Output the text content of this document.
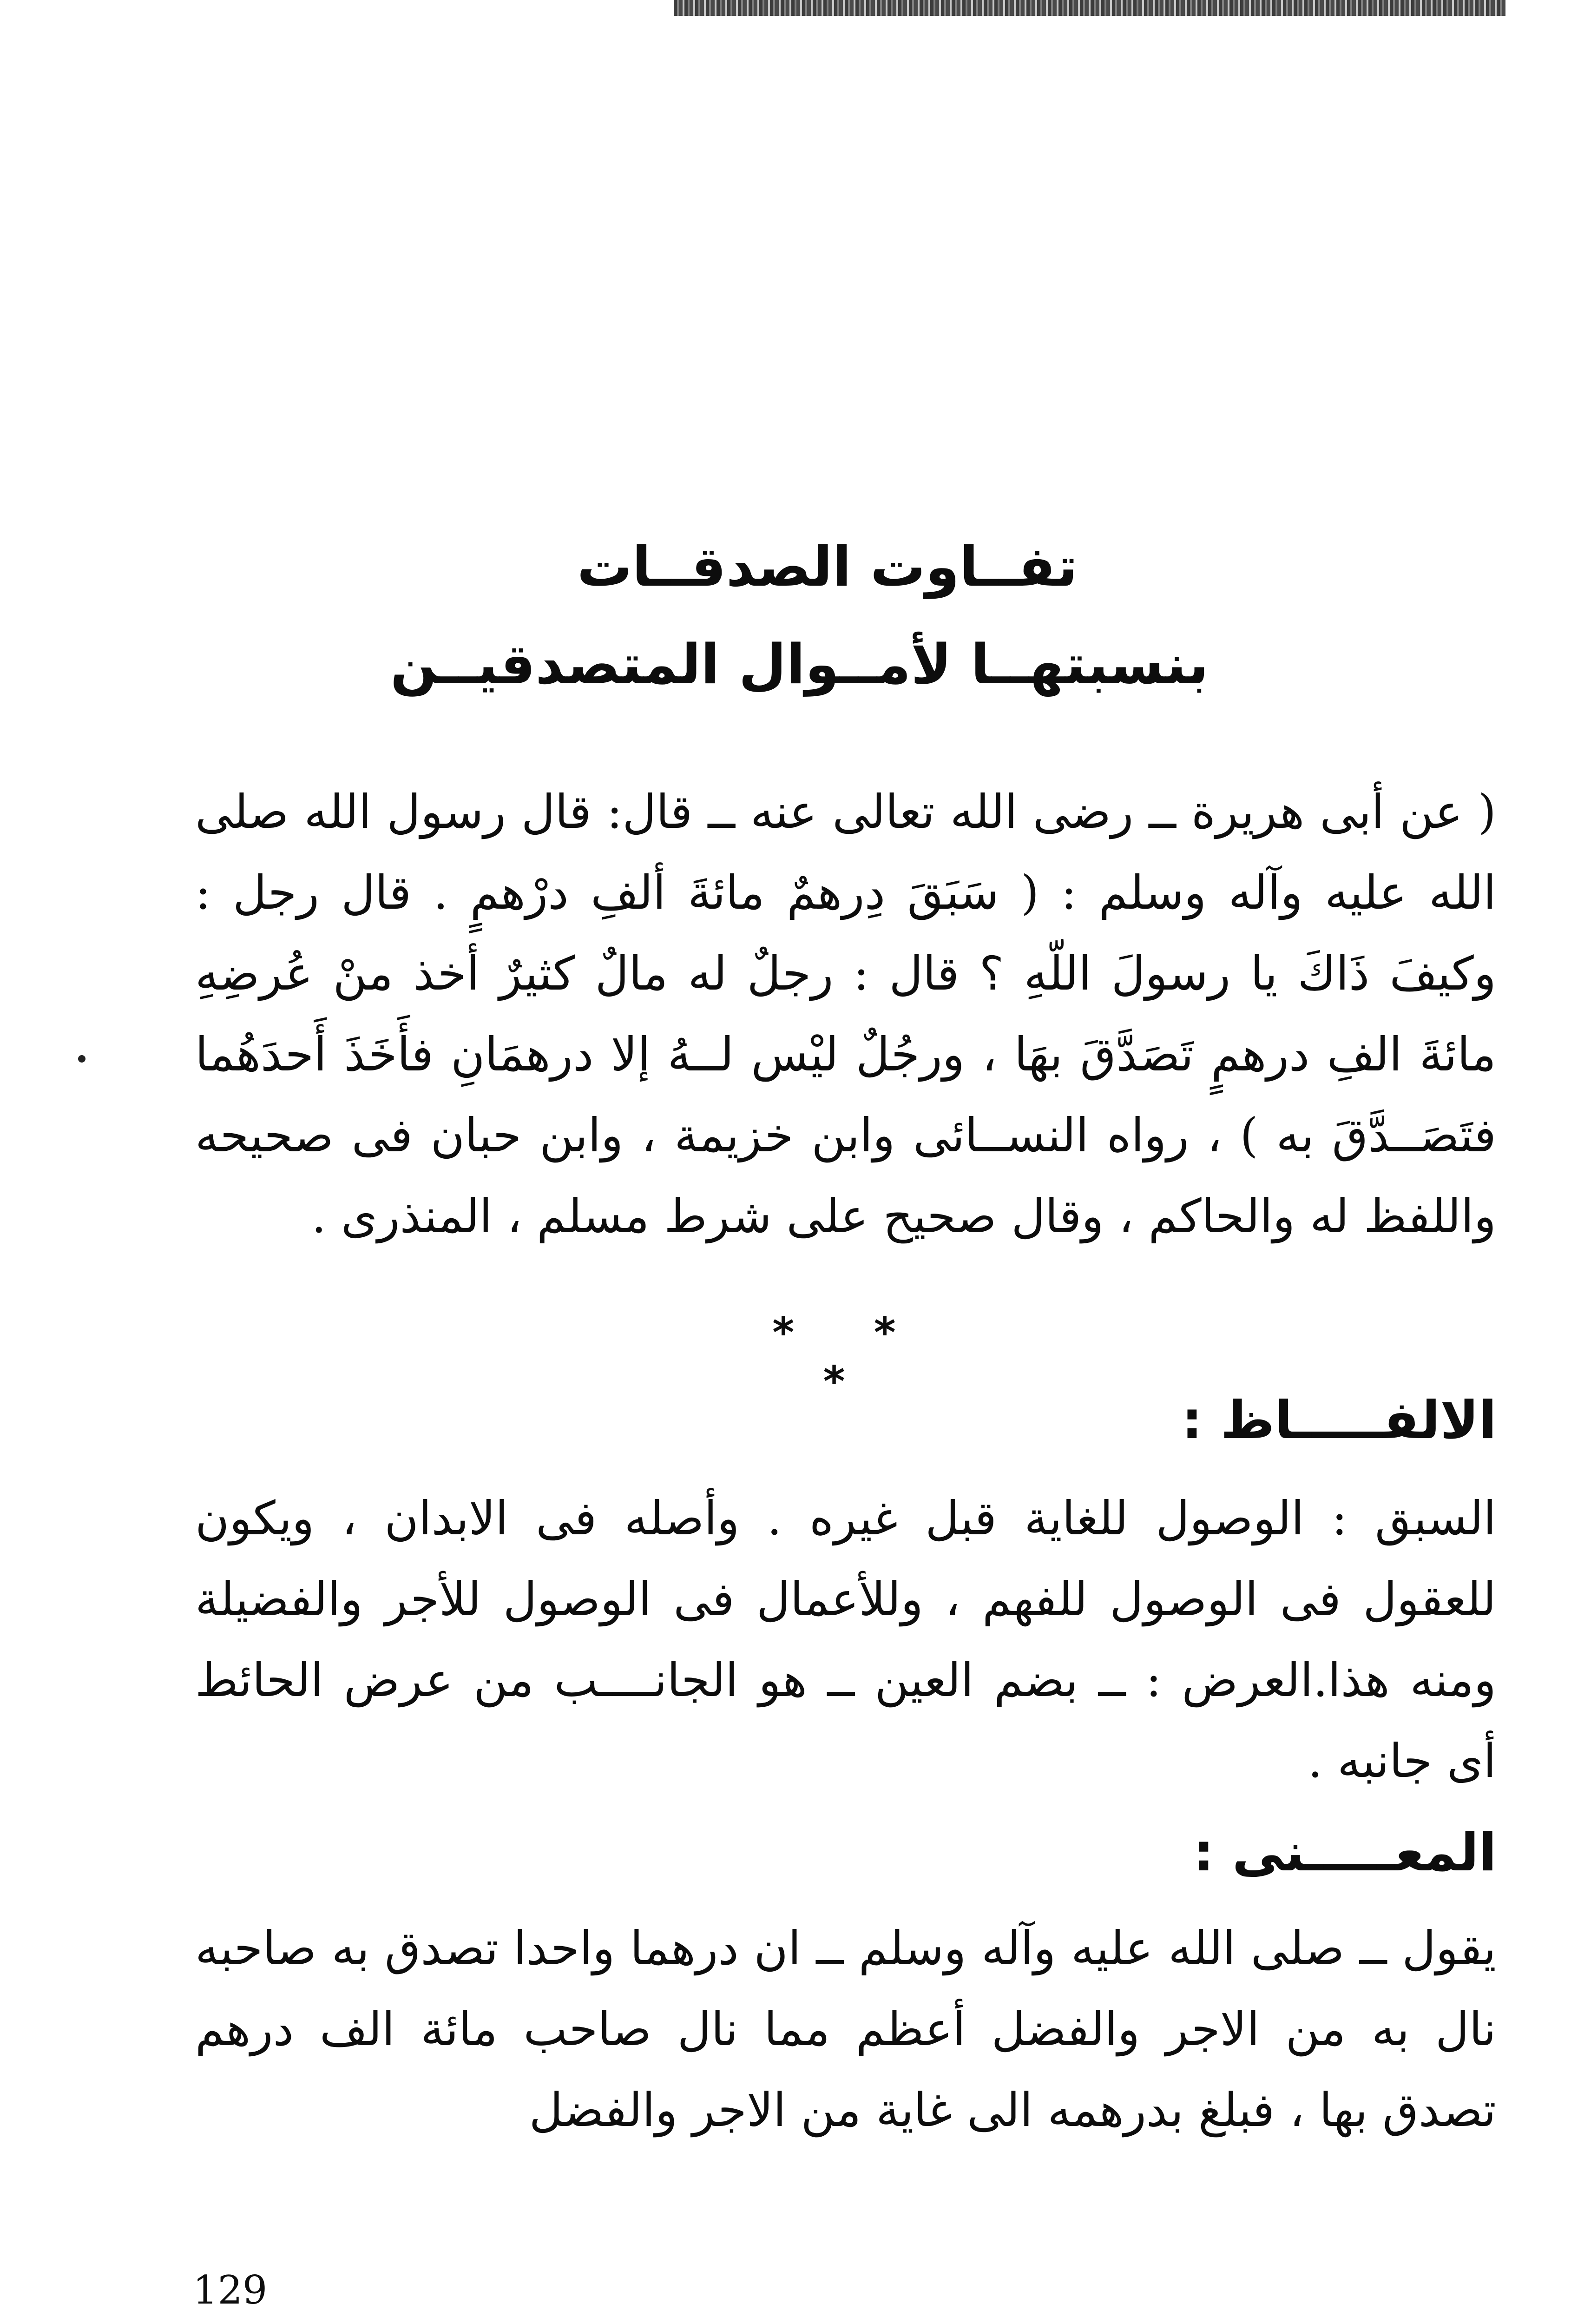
تفــاوت الصدقــات
بنسبتهــا لأمــوال المتصدقيــن

( عن أبى هريرة ــ رضى الله تعالى عنه ــ قال: قال رسول الله صلى الله عليه وآله وسلم : ( سَبَقَ دِرهمٌ مائةَ ألفِ درْهمٍ . قال رجل : وكيفَ ذَاكَ يا رسولَ اللّهِ ؟ قال : رجلٌ له مالٌ كثيرٌ أخذ منْ عُرضِهِ مائةَ الفِ درهمٍ تَصَدَّقَ بهَا ، ورجُلٌ ليْس لــهُ إلا درهمَانِ فأَخَذَ أَحدَهُما فتَصَــدَّقَ به ) ، رواه النســائى وابن خزيمة ، وابن حبان فى صحيحه واللفظ له والحاكم ، وقال صحيح على شرط مسلم ، المنذرى .

* * *
الالفـــــاظ :

السبق : الوصول للغاية قبل غيره . وأصله فى الابدان ، ويكون للعقول فى الوصول للفهم ، وللأعمال فى الوصول للأجر والفضيلة ومنه هذا.العرض : ــ بضم العين ــ هو الجانــــب من عرض الحائط أى جانبه .

المعـــــنى :

يقول ــ صلى الله عليه وآله وسلم ــ ان درهما واحدا تصدق به صاحبه نال به من الاجر والفضل أعظم مما نال صاحب مائة الف درهم تصدق بها ، فبلغ بدرهمه الى غاية من الاجر والفضل

129
